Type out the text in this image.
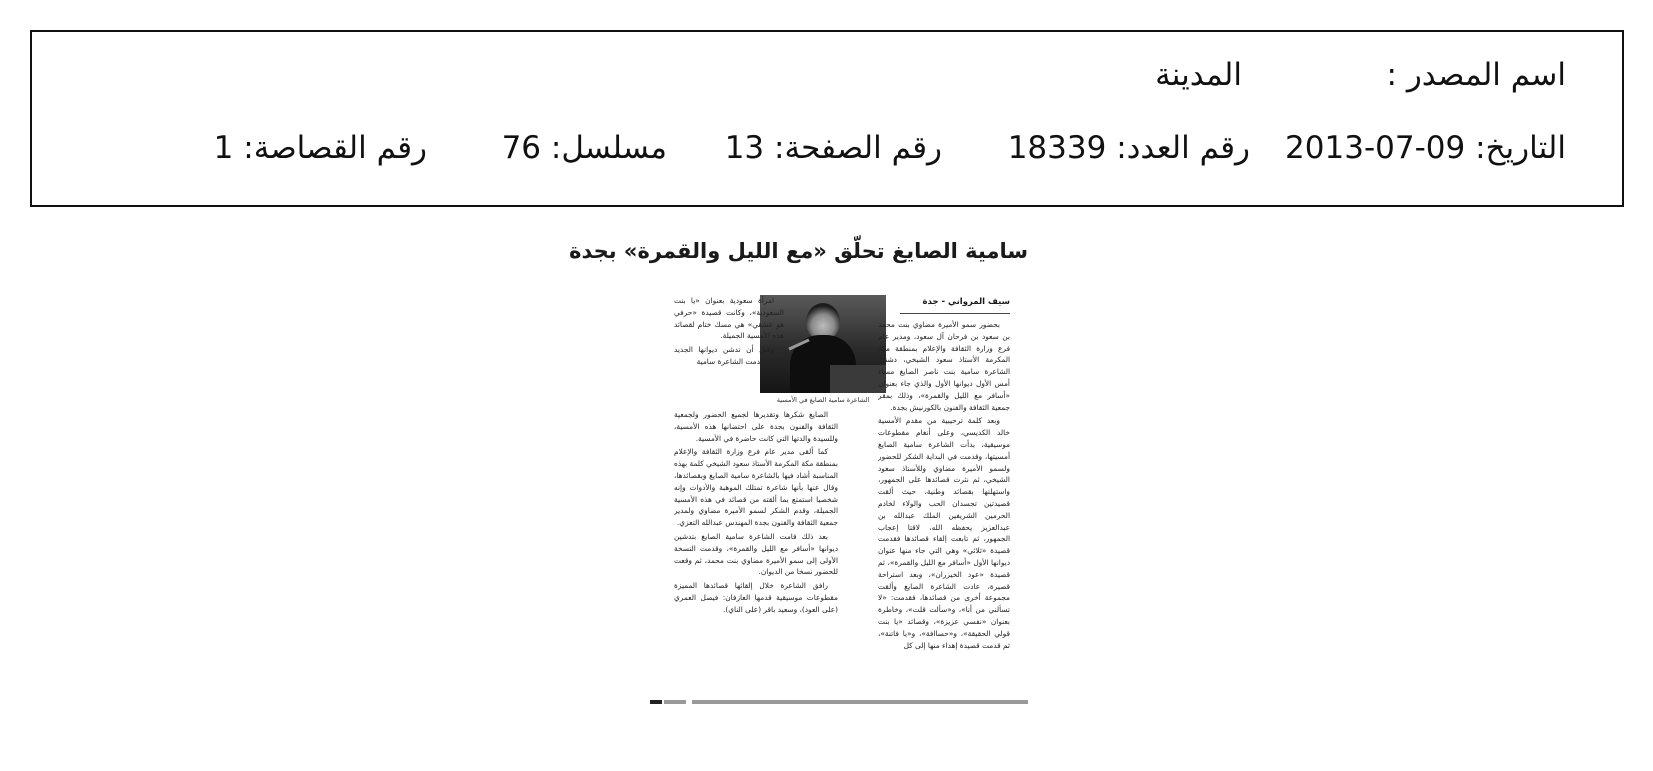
اسم المصدر :
المدينة
التاريخ: 2013-07-09
رقم العدد: 18339
رقم الصفحة: 13
مسلسل: 76
رقم القصاصة: 1
سامية الصايغ تحلّق «مع الليل والقمرة» بجدة
سيف المرواني - جدة
الشاعرة سامية الصايغ في الأمسية

بحضور سمو الأميرة مضاوي بنت محمد بن سعود بن فرحان آل سعود، ومدير عام فرع وزارة الثقافة والإعلام بمنطقة مكة المكرمة الأستاذ سعود الشيخي، دشنت الشاعرة سامية بنت ناصر الصايغ مساء أمس الأول ديوانها الأول والذي جاء بعنوان «أسافر مع الليل والقمرة»، وذلك بمقر جمعية الثقافة والفنون بالكورنيش بجدة.

وبعد كلمة ترحيبية من مقدم الأمسية خالد الكديسي، وعلى أنغام مقطوعات موسيقية، بدأت الشاعرة سامية الصايغ أمسيتها، وقدمت في البداية الشكر للحضور ولسمو الأميرة مضاوي وللأستاذ سعود الشيخي، ثم نثرت قصائدها على الجمهور، واستهلتها بقصائد وطنية، حيث ألقت قصيدتين تجسدان الحب والولاء لخادم الحرمين الشريفين الملك عبدالله بن عبدالعزيز يحفظه الله، لاقتا إعجاب الجمهور، ثم تابعت إلقاء قصائدها فقدمت قصيدة «ثلاثي» وهي التي جاء منها عنوان ديوانها الأول «أسافر مع الليل والقمرة»، ثم قصيدة «عود الخيزران»، وبعد استراحة قصيرة، عادت الشاعرة الصايغ وألقت مجموعة أخرى من قصائدها، فقدمت: «لا تسألني من أنا»، و«سألت قلت»، وخاطرة بعنوان «نفسي عزيزة»، وقصائد «يا بنت قولي الحقيقة»، و«حساافة»، و«يا فاتنة»، ثم قدمت قصيدة إهداء منها إلى كل

امرأة سعودية بعنوان «يا بنت السعودية»، وكانت قصيدة «حرفي هو عشقي» هي مسك ختام لقصائد هذه الأمسية الجميلة.

وقبل أن تدشن ديوانها الجديد الأول، قدمت الشاعرة سامية

الصايغ شكرها وتقديرها لجميع الحضور ولجمعية الثقافة والفنون بجدة على احتضانها هذه الأمسية، وللسيدة والدتها التي كانت حاضرة في الأمسية.

كما ألقى مدير عام فرع وزارة الثقافة والإعلام بمنطقة مكة المكرمة الأستاذ سعود الشيخي كلمة بهذه المناسبة أشاد فيها بالشاعرة سامية الصايغ وبقصائدها، وقال عنها بأنها شاعرة تمتلك الموهبة والأدوات وإنه شخصيا استمتع بما ألقته من قصائد في هذه الأمسية الجميلة، وقدم الشكر لسمو الأميرة مضاوي ولمدير جمعية الثقافة والفنون بجدة المهندس عبدالله التعزي.

بعد ذلك قامت الشاعرة سامية الصايغ بتدشين ديوانها «أسافر مع الليل والقمرة»، وقدمت النسخة الأولى إلى سمو الأميرة مضاوي بنت محمد، ثم وقعت للحضور نسخا من الديوان.

رافق الشاعرة خلال إلقائها قصائدها المميزة مقطوعات موسيقية قدمها العازفان: فيصل العمري (على العود)، وسعيد باقر (على الناي).
